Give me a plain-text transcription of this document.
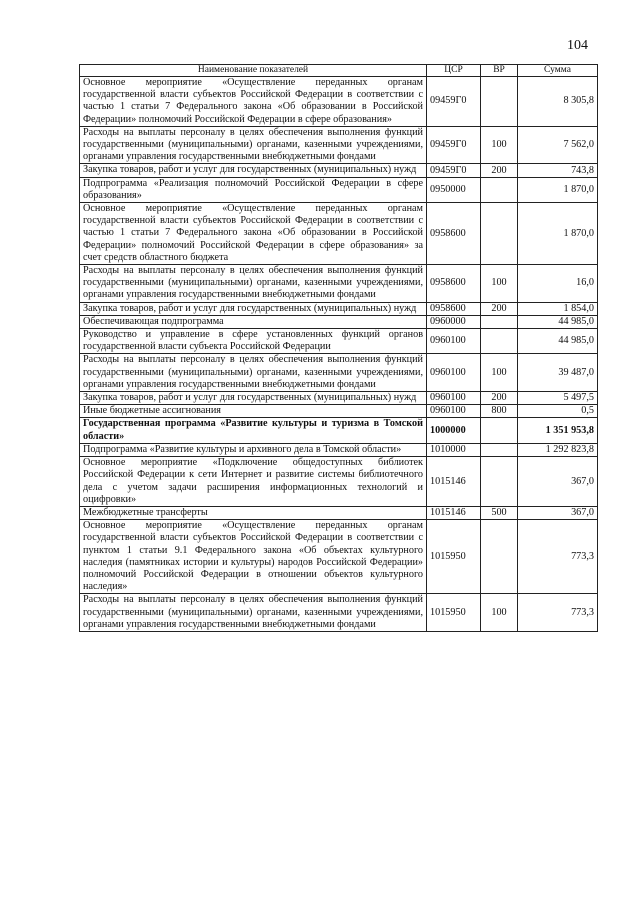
104
Наименование показателей	ЦСР	ВР	Сумма
Основное мероприятие «Осуществление переданных органам государственной власти субъектов Российской Федерации в соответствии с частью 1 статьи 7 Федерального закона «Об образовании в Российской Федерации» полномочий Российской Федерации в сфере образования»	09459Г0		8 305,8
Расходы на выплаты персоналу в целях обеспечения выполнения функций государственными (муниципальными) органами, казенными учреждениями, органами управления государственными внебюджетными фондами	09459Г0	100	7 562,0
Закупка товаров, работ и услуг для государственных (муниципальных) нужд	09459Г0	200	743,8
Подпрограмма «Реализация полномочий Российской Федерации в сфере образования»	0950000		1 870,0
Основное мероприятие «Осуществление переданных органам государственной власти субъектов Российской Федерации в соответствии с частью 1 статьи 7 Федерального закона «Об образовании в Российской Федерации» полномочий Российской Федерации в сфере образования» за счет средств областного бюджета	0958600		1 870,0
Расходы на выплаты персоналу в целях обеспечения выполнения функций государственными (муниципальными) органами, казенными учреждениями, органами управления государственными внебюджетными фондами	0958600	100	16,0
Закупка товаров, работ и услуг для государственных (муниципальных) нужд	0958600	200	1 854,0
Обеспечивающая подпрограмма	0960000		44 985,0
Руководство и управление в сфере установленных функций органов государственной власти субъекта Российской Федерации	0960100		44 985,0
Расходы на выплаты персоналу в целях обеспечения выполнения функций государственными (муниципальными) органами, казенными учреждениями, органами управления государственными внебюджетными фондами	0960100	100	39 487,0
Закупка товаров, работ и услуг для государственных (муниципальных) нужд	0960100	200	5 497,5
Иные бюджетные ассигнования	0960100	800	0,5
Государственная программа «Развитие культуры и туризма в Томской области»	1000000		1 351 953,8
Подпрограмма «Развитие культуры и архивного дела в Томской области»	1010000		1 292 823,8
Основное мероприятие «Подключение общедоступных библиотек Российской Федерации к сети Интернет и развитие системы библиотечного дела с учетом задачи расширения информационных технологий и оцифровки»	1015146		367,0
Межбюджетные трансферты	1015146	500	367,0
Основное мероприятие «Осуществление переданных органам государственной власти субъектов Российской Федерации в соответствии с пунктом 1 статьи 9.1 Федерального закона «Об объектах культурного наследия (памятниках истории и культуры) народов Российской Федерации» полномочий Российской Федерации в отношении объектов культурного наследия»	1015950		773,3
Расходы на выплаты персоналу в целях обеспечения выполнения функций государственными (муниципальными) органами, казенными учреждениями, органами управления государственными внебюджетными фондами	1015950	100	773,3
